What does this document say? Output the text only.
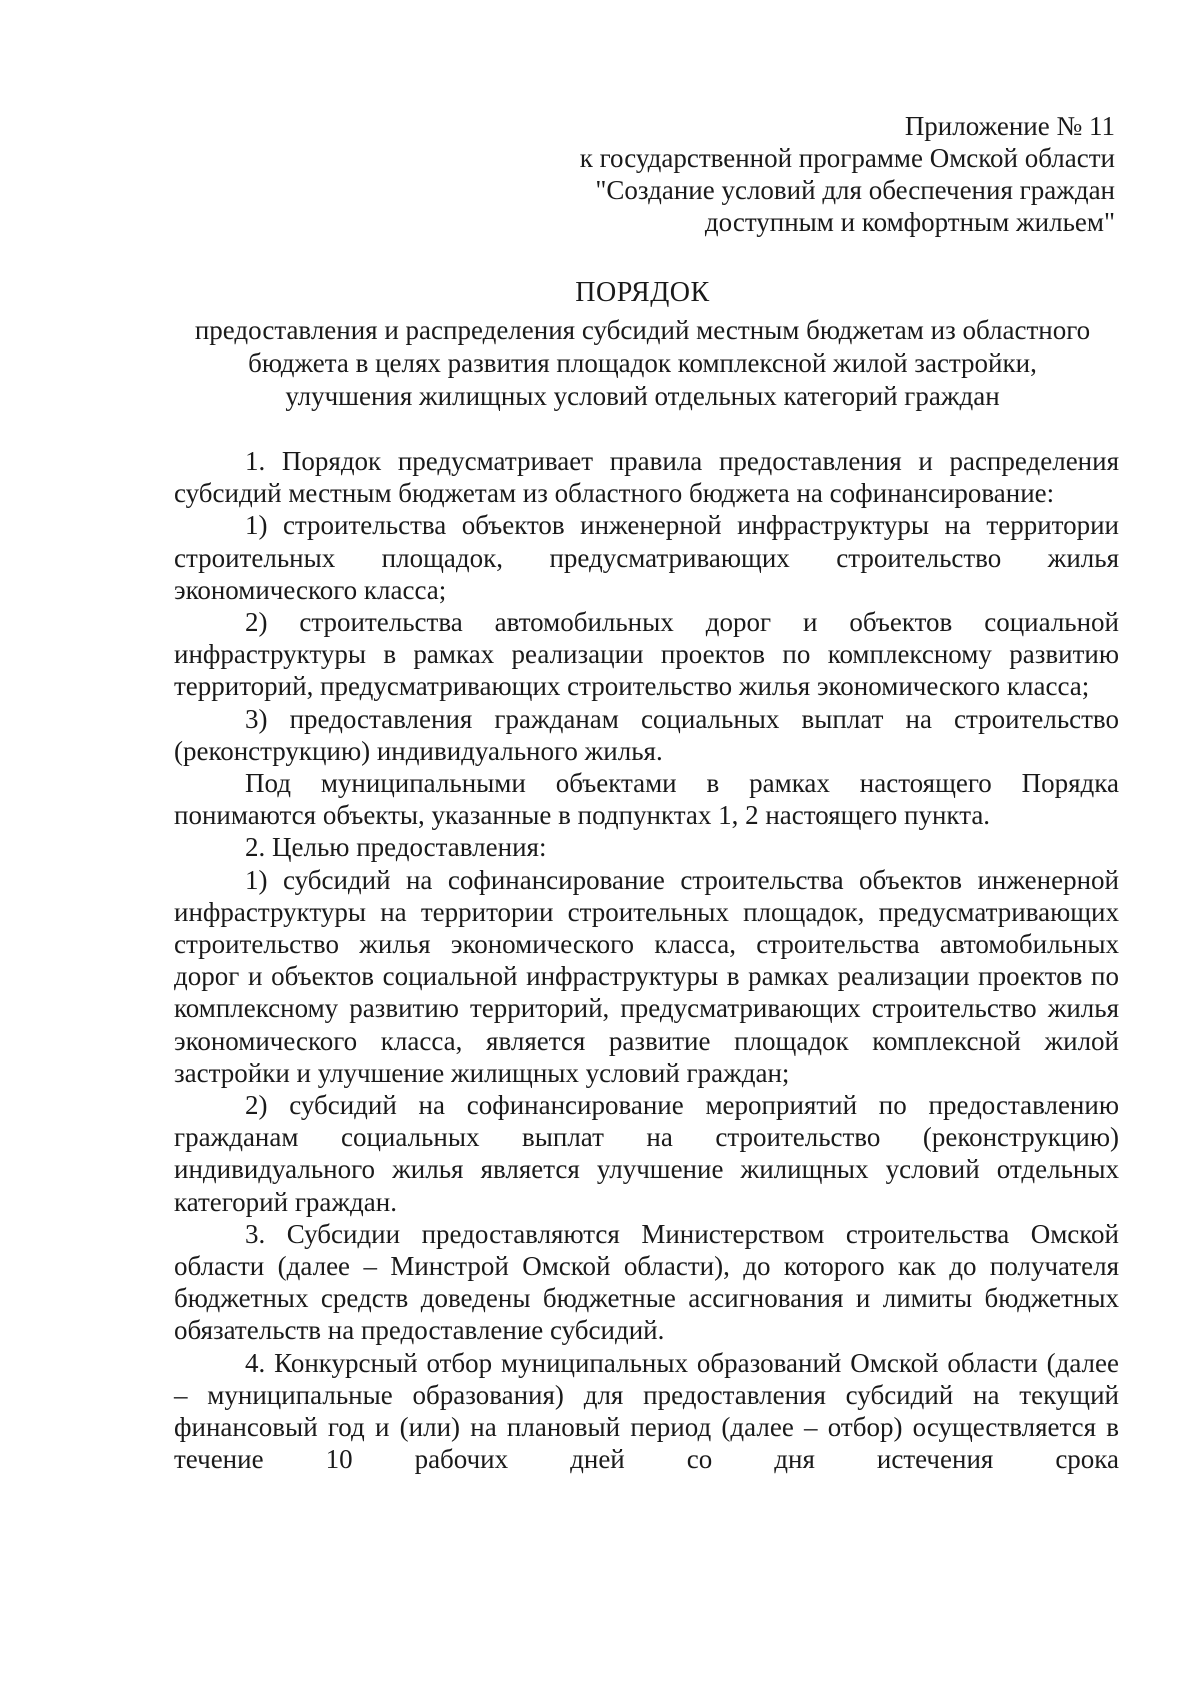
Приложение № 11
к государственной программе Омской области
"Создание условий для обеспечения граждан
доступным и комфортным жильем"
ПОРЯДОК
предоставления и распределения субсидий местным бюджетам из областного
бюджета в целях развития площадок комплексной жилой застройки,
улучшения жилищных условий отдельных категорий граждан

1. Порядок предусматривает правила предоставления и распределения субсидий местным бюджетам из областного бюджета на софинансирование:

1) строительства объектов инженерной инфраструктуры на территории строительных площадок, предусматривающих строительство жилья экономического класса;

2) строительства автомобильных дорог и объектов социальной инфраструктуры в рамках реализации проектов по комплексному развитию территорий, предусматривающих строительство жилья экономического класса;

3) предоставления гражданам социальных выплат на строительство (реконструкцию) индивидуального жилья.

Под муниципальными объектами в рамках настоящего Порядка понимаются объекты, указанные в подпунктах 1, 2 настоящего пункта.

2. Целью предоставления:

1) субсидий на софинансирование строительства объектов инженерной инфраструктуры на территории строительных площадок, предусматривающих строительство жилья экономического класса, строительства автомобильных дорог и объектов социальной инфраструктуры в рамках реализации проектов по комплексному развитию территорий, предусматривающих строительство жилья экономического класса, является развитие площадок комплексной жилой застройки и улучшение жилищных условий граждан;

2) субсидий на софинансирование мероприятий по предоставлению гражданам социальных выплат на строительство (реконструкцию) индивидуального жилья является улучшение жилищных условий отдельных категорий граждан.

3. Субсидии предоставляются Министерством строительства Омской области (далее – Минстрой Омской области), до которого как до получателя бюджетных средств доведены бюджетные ассигнования и лимиты бюджетных обязательств на предоставление субсидий.

4. Конкурсный отбор муниципальных образований Омской области (далее – муниципальные образования) для предоставления субсидий на текущий финансовый год и (или) на плановый период (далее – отбор) осуществляется в течение 10 рабочих дней со дня истечения срока
